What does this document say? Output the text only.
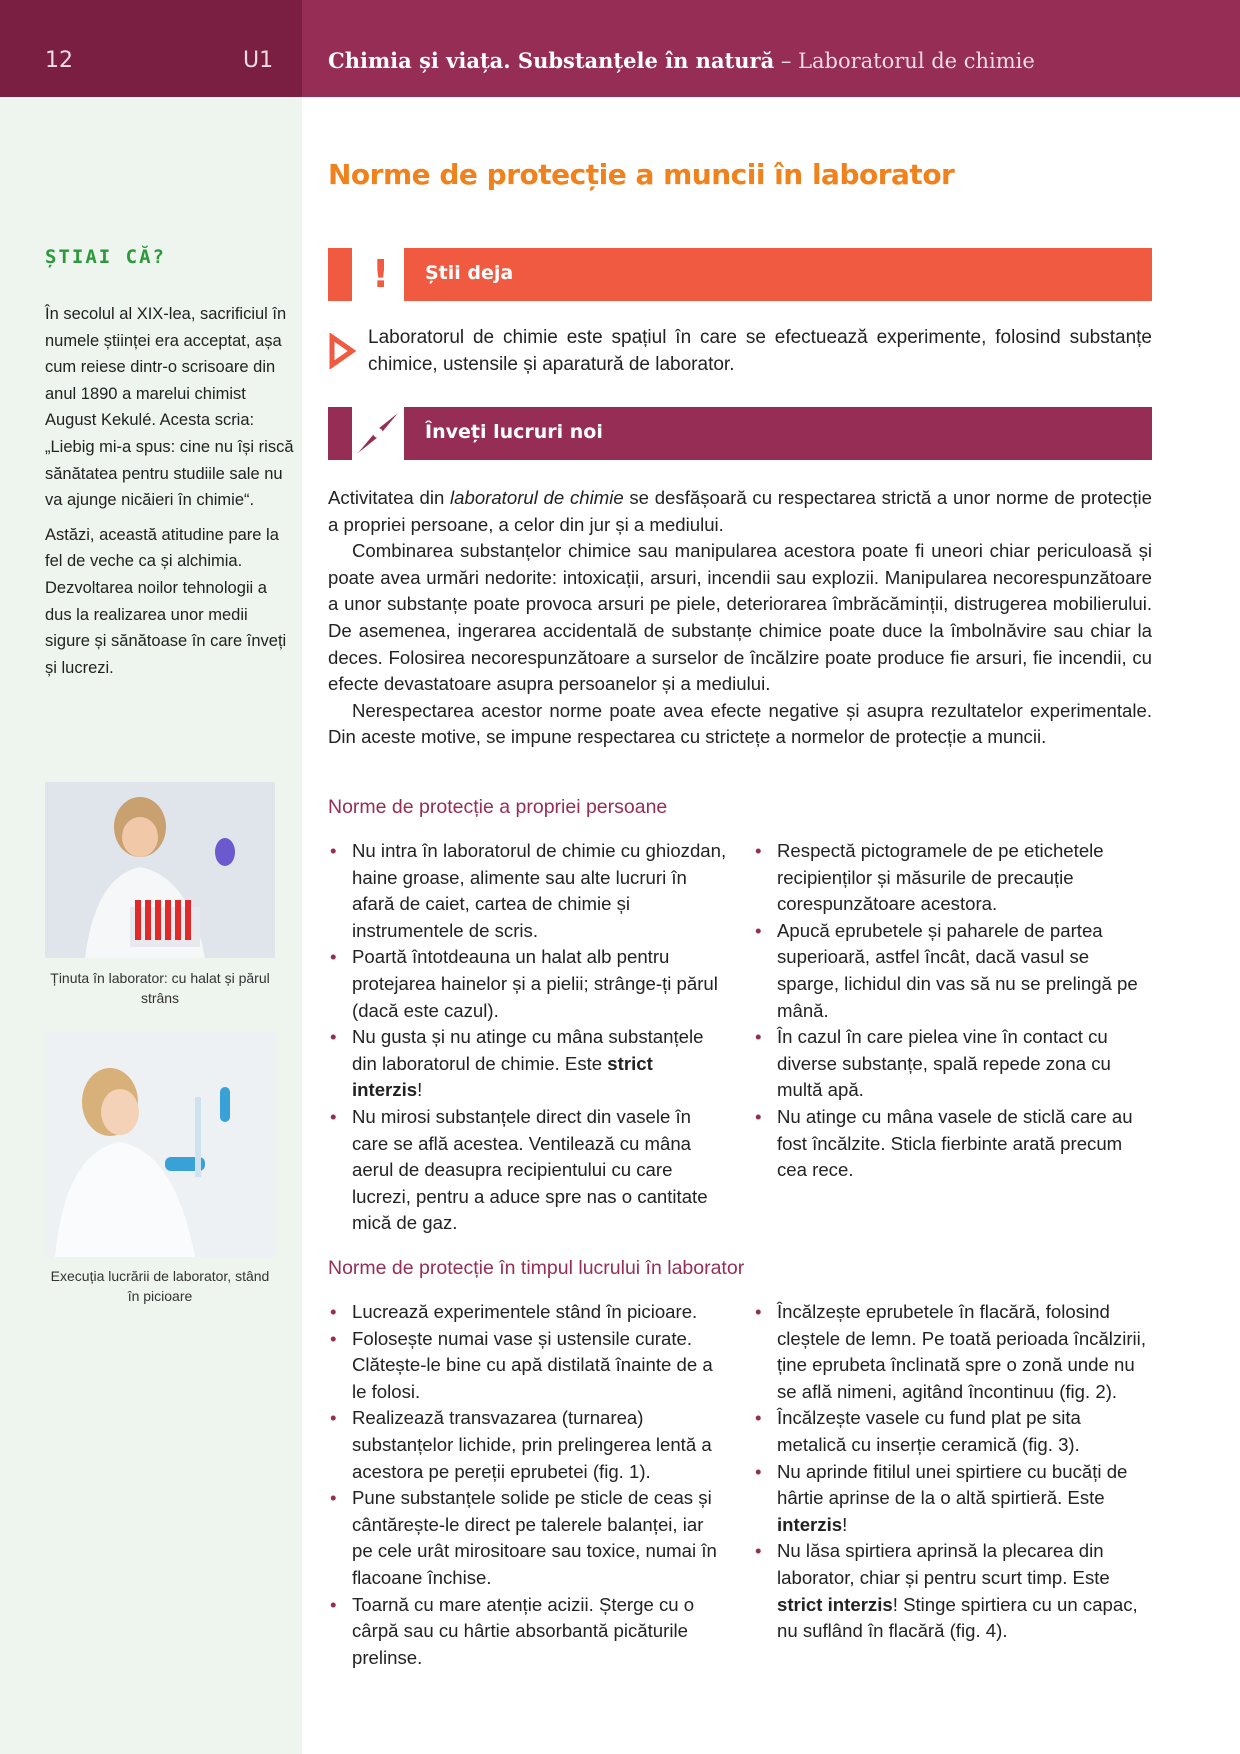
12	U1	Chimia și viața. Substanțele în natură – Laboratorul de chimie
ȘTIAI CĂ?

În secolul al XIX-lea, sacrificiul în numele științei era acceptat, așa cum reiese dintr-o scrisoare din anul 1890 a marelui chimist August Kekulé. Acesta scria: „Liebig mi-a spus: cine nu își riscă sănătatea pentru studiile sale nu va ajunge nicăieri în chimie“.

Astăzi, această atitudine pare la fel de veche ca și alchimia. Dezvoltarea noilor tehnologii a dus la realizarea unor medii sigure și sănătoase în care înveți și lucrezi.

Ținuta în laborator: cu halat și părul strâns
Execuția lucrării de laborator, stând în picioare
Norme de protecție a muncii în laborator
!	Știi deja
Laboratorul de chimie este spațiul în care se efectuează experimente, folosind substanțe chimice, ustensile și aparatură de laborator.
Înveți lucruri noi

Activitatea din laboratorul de chimie se desfășoară cu respectarea strictă a unor norme de protecție a propriei persoane, a celor din jur și a mediului.

Combinarea substanțelor chimice sau manipularea acestora poate fi uneori chiar periculoasă și poate avea urmări nedorite: intoxicații, arsuri, incendii sau explozii. Manipularea necorespunzătoare a unor substanțe poate provoca arsuri pe piele, deteriorarea îmbrăcăminții, distrugerea mobilierului. De asemenea, ingerarea accidentală de substanțe chimice poate duce la îmbolnăvire sau chiar la deces. Folosirea necorespunzătoare a surselor de încălzire poate produce fie arsuri, fie incendii, cu efecte devastatoare asupra persoanelor și a mediului.

Nerespectarea acestor norme poate avea efecte negative și asupra rezultatelor experimentale. Din aceste motive, se impune respectarea cu strictețe a normelor de protecție a muncii.

Norme de protecție a propriei persoane
• Nu intra în laboratorul de chimie cu ghiozdan, haine groase, alimente sau alte lucruri în afară de caiet, cartea de chimie și instrumentele de scris.
• Poartă întotdeauna un halat alb pentru protejarea hainelor și a pielii; strânge-ți părul (dacă este cazul).
• Nu gusta și nu atinge cu mâna substanțele din laboratorul de chimie. Este strict interzis!
• Nu mirosi substanțele direct din vasele în care se află acestea. Ventilează cu mâna aerul de deasupra recipientului cu care lucrezi, pentru a aduce spre nas o cantitate mică de gaz.
• Respectă pictogramele de pe etichetele recipienților și măsurile de precauție corespunzătoare acestora.
• Apucă eprubetele și paharele de partea superioară, astfel încât, dacă vasul se sparge, lichidul din vas să nu se prelingă pe mână.
• În cazul în care pielea vine în contact cu diverse substanțe, spală repede zona cu multă apă.
• Nu atinge cu mâna vasele de sticlă care au fost încălzite. Sticla fierbinte arată precum cea rece.
Norme de protecție în timpul lucrului în laborator
• Lucrează experimentele stând în picioare.
• Folosește numai vase și ustensile curate. Clătește-le bine cu apă distilată înainte de a le folosi.
• Realizează transvazarea (turnarea) substanțelor lichide, prin prelingerea lentă a acestora pe pereții eprubetei (fig. 1).
• Pune substanțele solide pe sticle de ceas și cântărește-le direct pe talerele balanței, iar pe cele urât mirositoare sau toxice, numai în flacoane închise.
• Toarnă cu mare atenție acizii. Șterge cu o cârpă sau cu hârtie absorbantă picăturile prelinse.
• Încălzește eprubetele în flacără, folosind cleștele de lemn. Pe toată perioada încălzirii, ține eprubeta înclinată spre o zonă unde nu se află nimeni, agitând încontinuu (fig. 2).
• Încălzește vasele cu fund plat pe sita metalică cu inserție ceramică (fig. 3).
• Nu aprinde fitilul unei spirtiere cu bucăți de hârtie aprinse de la o altă spirtieră. Este interzis!
• Nu lăsa spirtiera aprinsă la plecarea din laborator, chiar și pentru scurt timp. Este strict interzis! Stinge spirtiera cu un capac, nu suflând în flacără (fig. 4).
